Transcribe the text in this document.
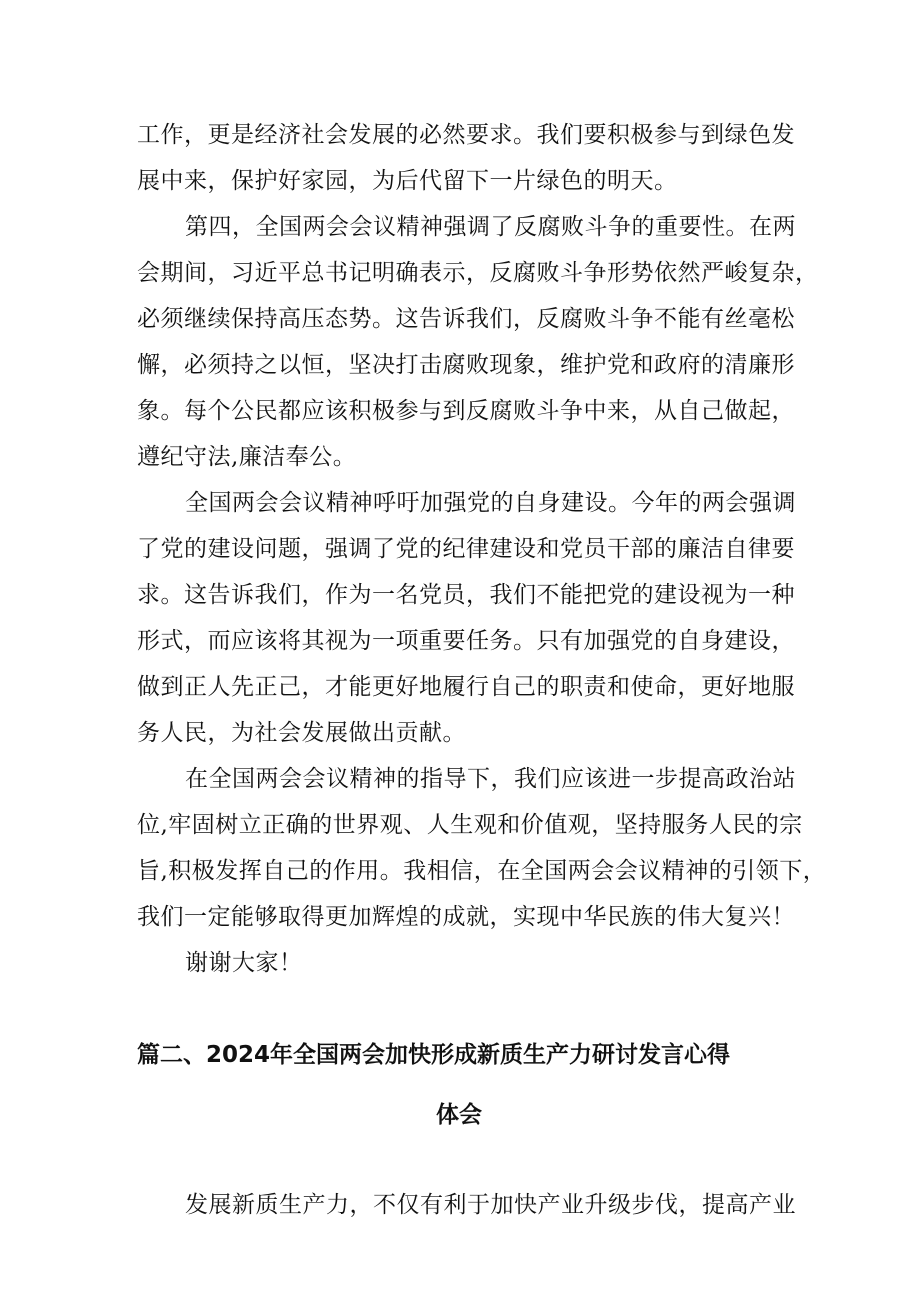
工作，更是经济社会发展的必然要求。我们要积极参与到绿色发
展中来，保护好家园，为后代留下一片绿色的明天。
第四，全国两会会议精神强调了反腐败斗争的重要性。在两
会期间，习近平总书记明确表示，反腐败斗争形势依然严峻复杂，
必须继续保持高压态势。这告诉我们，反腐败斗争不能有丝毫松
懈，必须持之以恒，坚决打击腐败现象，维护党和政府的清廉形
象。每个公民都应该积极参与到反腐败斗争中来，从自己做起，
遵纪守法,廉洁奉公。
全国两会会议精神呼吁加强党的自身建设。今年的两会强调
了党的建设问题，强调了党的纪律建设和党员干部的廉洁自律要
求。这告诉我们，作为一名党员，我们不能把党的建设视为一种
形式，而应该将其视为一项重要任务。只有加强党的自身建设，
做到正人先正己，才能更好地履行自己的职责和使命，更好地服
务人民，为社会发展做出贡献。
在全国两会会议精神的指导下，我们应该进一步提高政治站
位,牢固树立正确的世界观、人生观和价值观，坚持服务人民的宗
旨,积极发挥自己的作用。我相信，在全国两会会议精神的引领下，
我们一定能够取得更加辉煌的成就，实现中华民族的伟大复兴！
谢谢大家！
篇二、2024年全国两会加快形成新质生产力研讨发言心得
体会
发展新质生产力，不仅有利于加快产业升级步伐，提高产业
